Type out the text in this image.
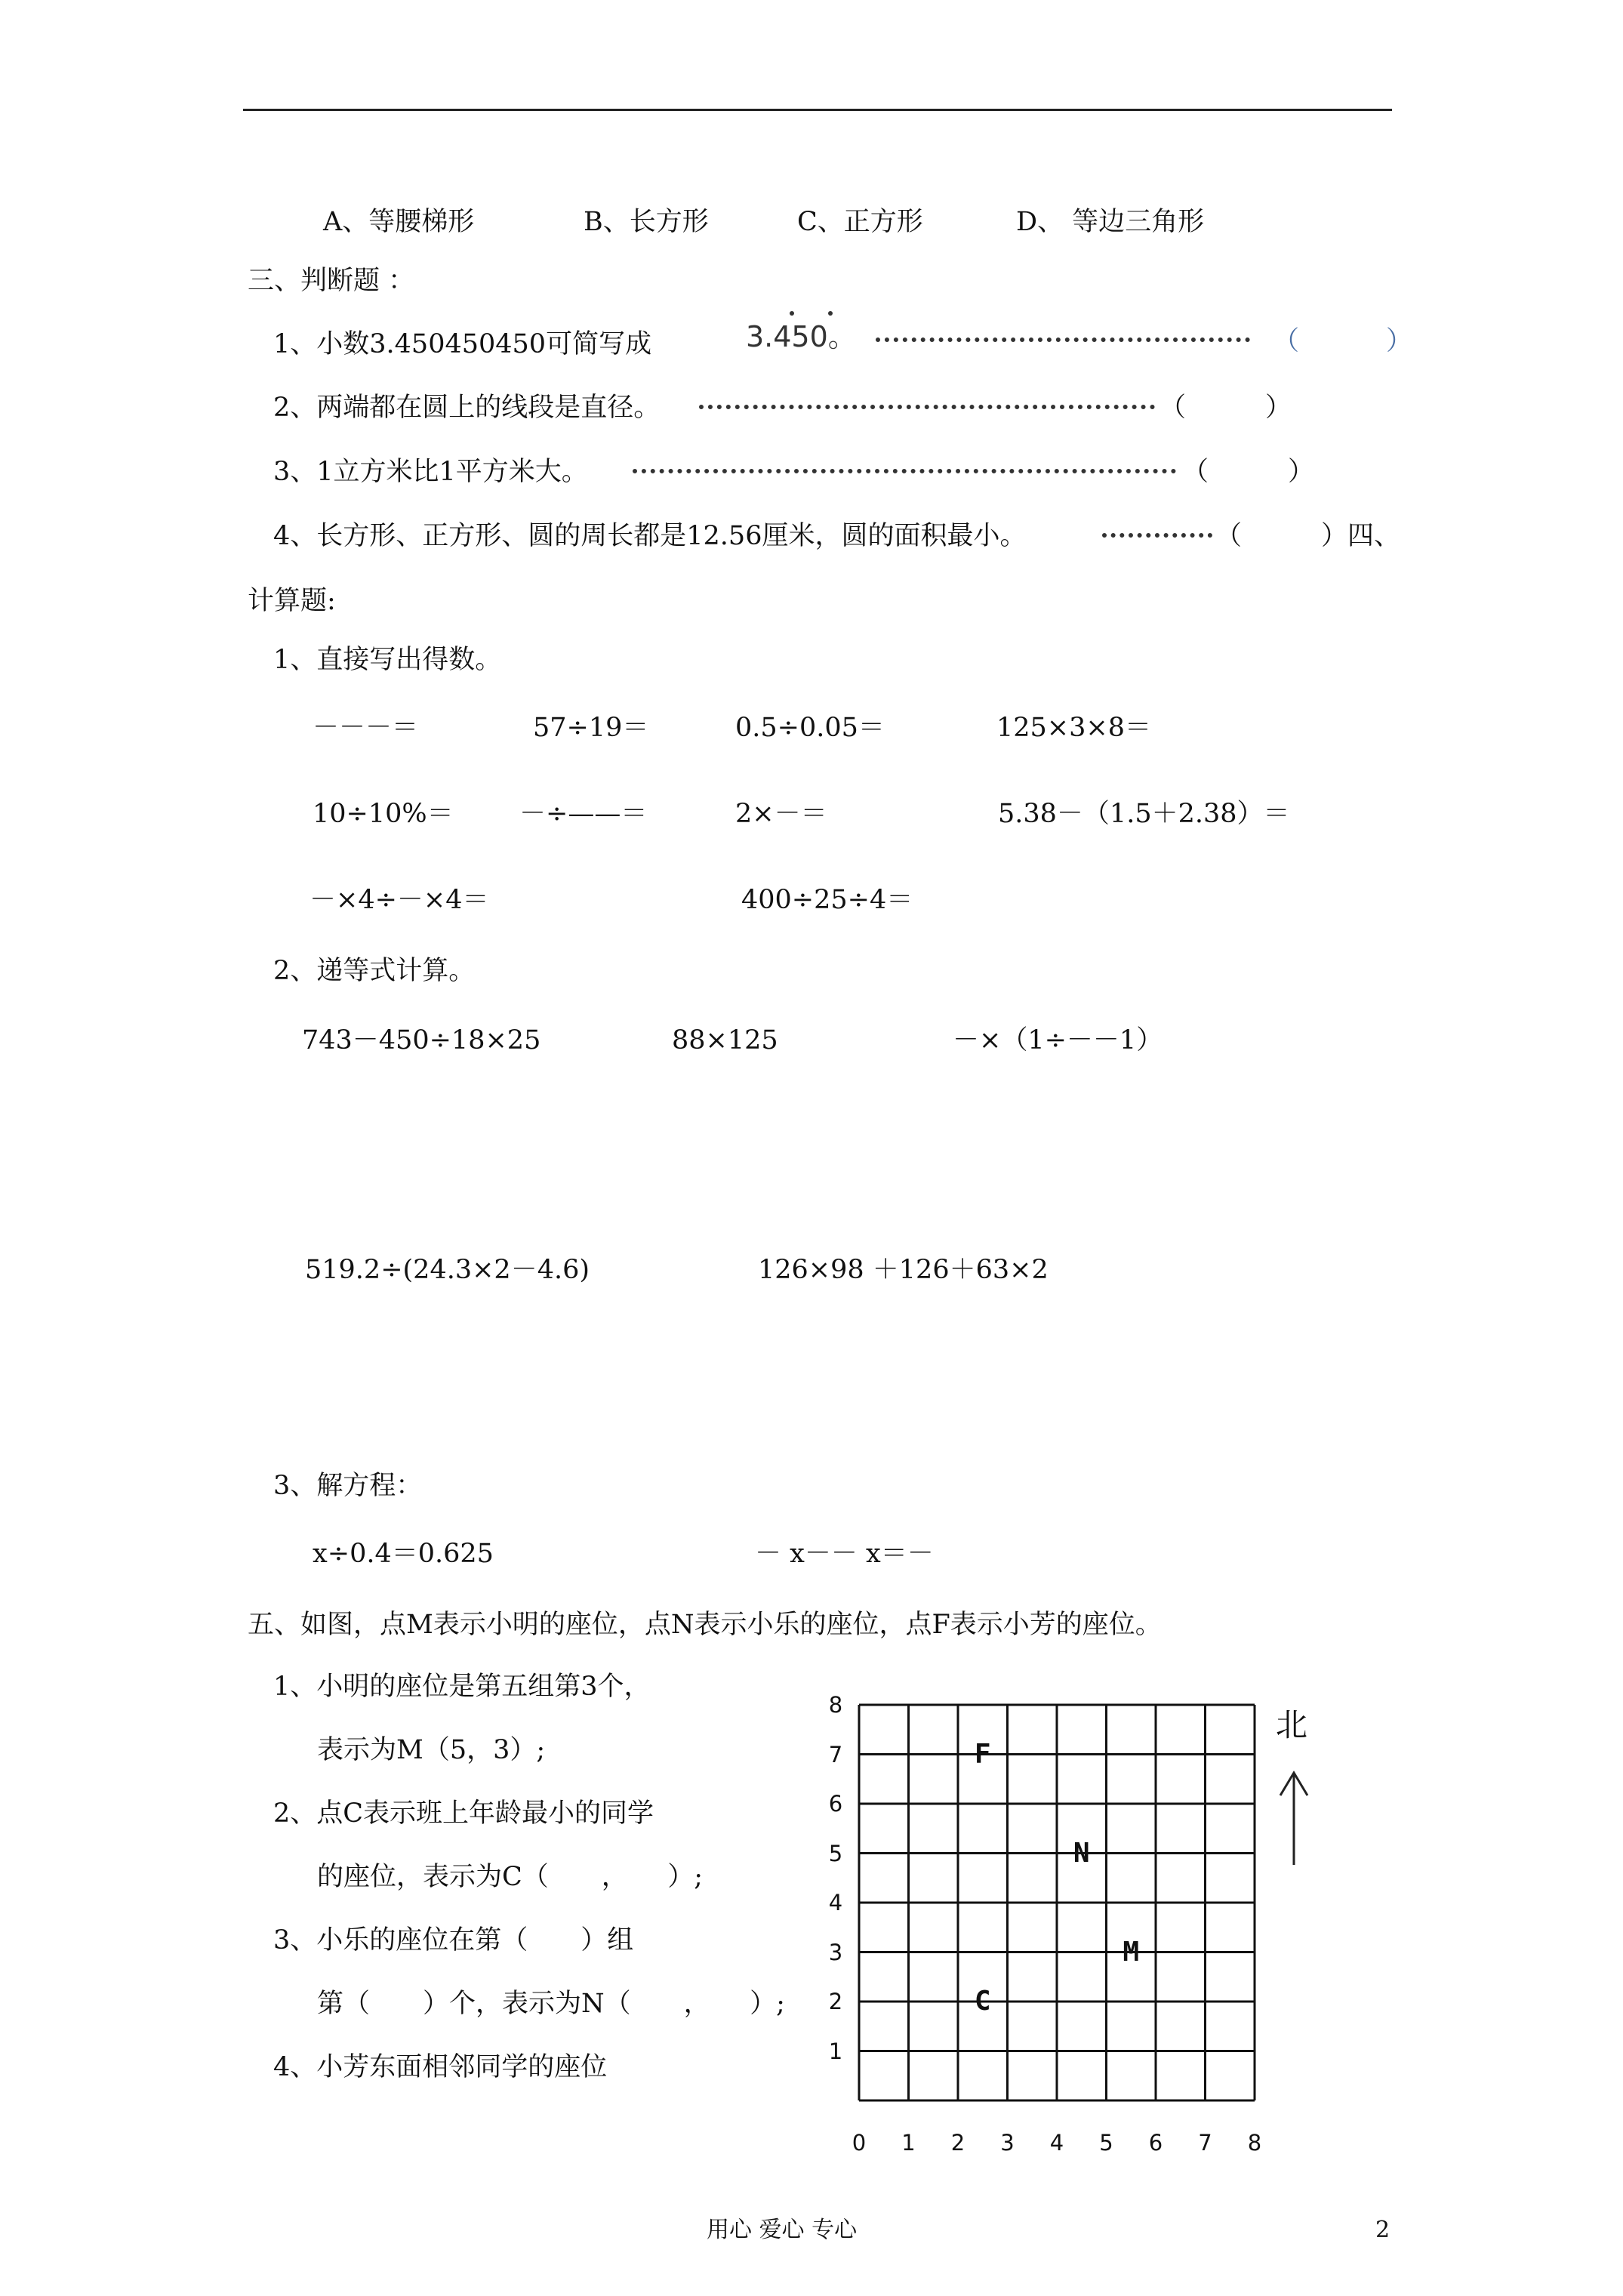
A、等腰梯形	B、长方形	C、正方形	D、 等边三角形
三、判断题 ：
1、小数3.450450450可简写成	3.450。	（	）
2、两端都在圆上的线段是直径。	（　　　）
3、1立方米比1平方米大。	（　　　）
4、长方形、正方形、圆的周长都是12.56厘米，圆的面积最小。	（　　　）四、
计算题:
1、直接写出得数。
－－－＝	57÷19＝	0.5÷0.05＝	125×3×8＝
10÷10%＝ －÷——＝	2×－＝	5.38－（1.5＋2.38）＝
－×4÷－×4＝	400÷25÷4＝
2、递等式计算。
743－450÷18×25	88×125	－×（1÷－－1）
519.2÷(24.3×2－4.6)	126×98 ＋126＋63×2
3、解方程：
x÷0.4＝0.625	－ x－－ x＝－
五、如图，点M表示小明的座位，点N表示小乐的座位，点F表示小芳的座位。
1、小明的座位是第五组第3个，
表示为M（5，3）;
2、点C表示班上年龄最小的同学
的座位，表示为C（　　，　　）;
3、小乐的座位在第（　　）组
第（　　）个，表示为N（　　，　　）;
4、小芳东面相邻同学的座位
0 1 2 3 4 5 6 7 8
1
2
3
4
5
6
7
8
F
N
M
C
北
用心 爱心 专心	2
